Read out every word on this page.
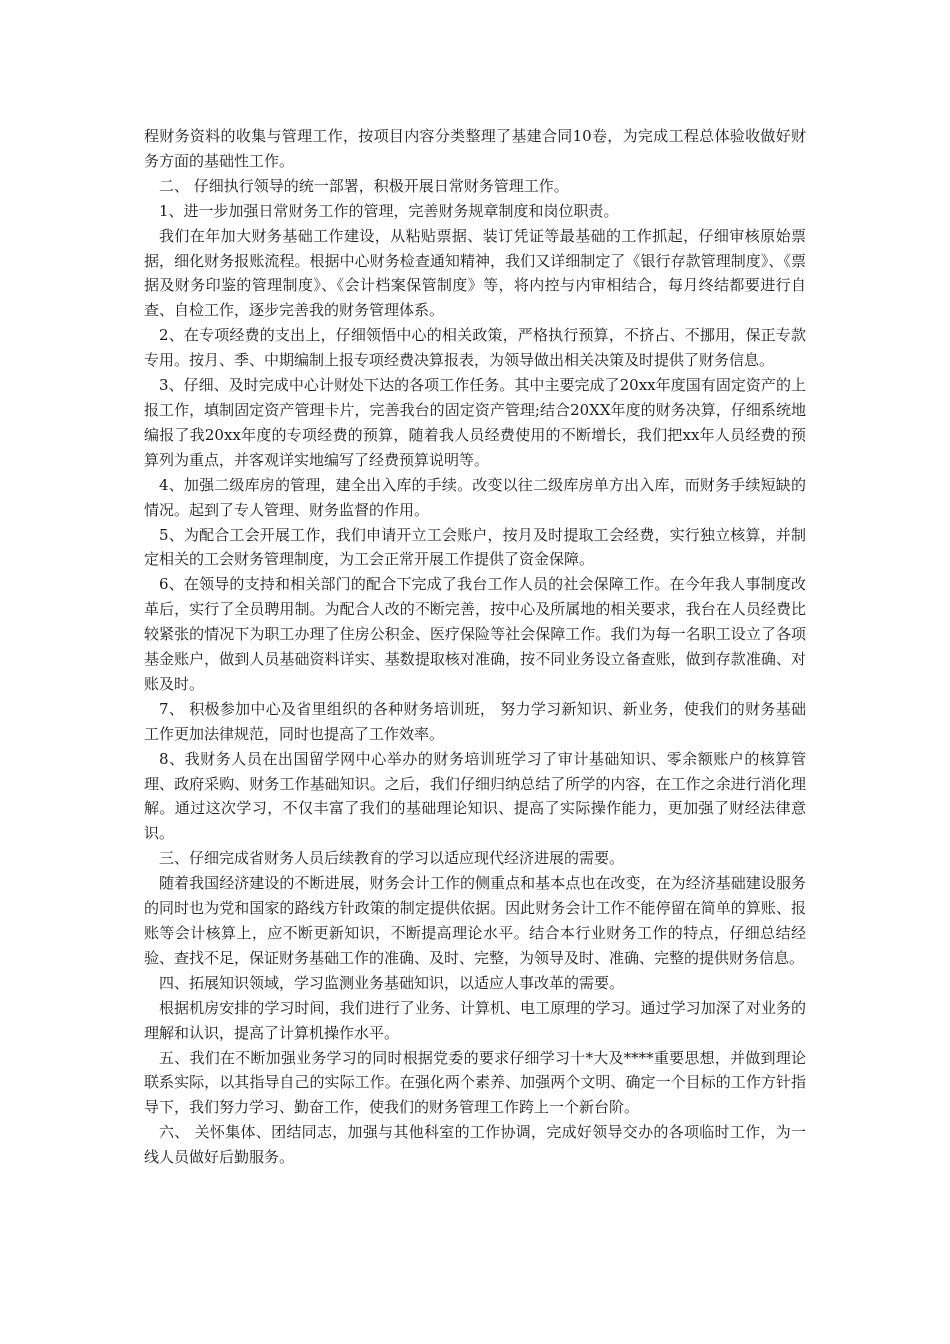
程财务资料的收集与管理工作，按项目内容分类整理了基建合同10卷，为完成工程总体验收做好财务方面的基础性工作。

二、 仔细执行领导的统一部署，积极开展日常财务管理工作。

1、进一步加强日常财务工作的管理，完善财务规章制度和岗位职责。

我们在年加大财务基础工作建设，从粘贴票据、装订凭证等最基础的工作抓起，仔细审核原始票据，细化财务报账流程。根据中心财务检查通知精神，我们又详细制定了《银行存款管理制度》、《票据及财务印鉴的管理制度》、《会计档案保管制度》等，将内控与内审相结合，每月终结都要进行自查、自检工作，逐步完善我的财务管理体系。

2、在专项经费的支出上，仔细领悟中心的相关政策，严格执行预算，不挤占、不挪用，保正专款专用。按月、季、中期编制上报专项经费决算报表，为领导做出相关决策及时提供了财务信息。

3、仔细、及时完成中心计财处下达的各项工作任务。其中主要完成了20xx年度国有固定资产的上报工作，填制固定资产管理卡片，完善我台的固定资产管理;结合20XX年度的财务决算，仔细系统地编报了我20xx年度的专项经费的预算，随着我人员经费使用的不断增长，我们把xx年人员经费的预算列为重点，并客观详实地编写了经费预算说明等。

4、加强二级库房的管理，建全出入库的手续。改变以往二级库房单方出入库，而财务手续短缺的情况。起到了专人管理、财务监督的作用。

5、为配合工会开展工作，我们申请开立工会账户，按月及时提取工会经费，实行独立核算，并制定相关的工会财务管理制度，为工会正常开展工作提供了资金保障。

6、在领导的支持和相关部门的配合下完成了我台工作人员的社会保障工作。在今年我人事制度改革后，实行了全员聘用制。为配合人改的不断完善，按中心及所属地的相关要求，我台在人员经费比较紧张的情况下为职工办理了住房公积金、医疗保险等社会保障工作。我们为每一名职工设立了各项基金账户，做到人员基础资料详实、基数提取核对准确，按不同业务设立备查账，做到存款准确、对账及时。

7、 积极参加中心及省里组织的各种财务培训班， 努力学习新知识、新业务，使我们的财务基础工作更加法律规范，同时也提高了工作效率。

8、我财务人员在出国留学网中心举办的财务培训班学习了审计基础知识、零余额账户的核算管理、政府采购、财务工作基础知识。之后，我们仔细归纳总结了所学的内容，在工作之余进行消化理解。通过这次学习，不仅丰富了我们的基础理论知识、提高了实际操作能力，更加强了财经法律意识。

三、仔细完成省财务人员后续教育的学习以适应现代经济进展的需要。

随着我国经济建设的不断进展，财务会计工作的侧重点和基本点也在改变，在为经济基础建设服务的同时也为党和国家的路线方针政策的制定提供依据。因此财务会计工作不能停留在简单的算账、报账等会计核算上，应不断更新知识，不断提高理论水平。结合本行业财务工作的特点，仔细总结经验、查找不足，保证财务基础工作的准确、及时、完整，为领导及时、准确、完整的提供财务信息。

四、拓展知识领域，学习监测业务基础知识，以适应人事改革的需要。

根据机房安排的学习时间，我们进行了业务、计算机、电工原理的学习。通过学习加深了对业务的理解和认识，提高了计算机操作水平。

五、我们在不断加强业务学习的同时根据党委的要求仔细学习十*大及****重要思想，并做到理论联系实际，以其指导自己的实际工作。在强化两个素养、加强两个文明、确定一个目标的工作方针指导下，我们努力学习、勤奋工作，使我们的财务管理工作跨上一个新台阶。

六、 关怀集体、团结同志，加强与其他科室的工作协调，完成好领导交办的各项临时工作，为一线人员做好后勤服务。
